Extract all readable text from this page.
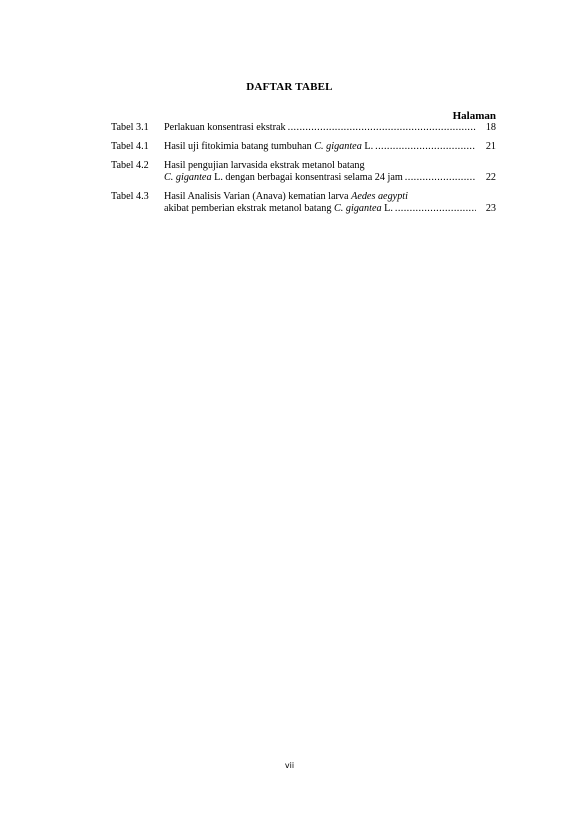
DAFTAR TABEL
Halaman
Tabel 3.1	Perlakuan konsentrasi ekstrak .....	18
Tabel 4.1	Hasil uji fitokimia batang tumbuhan C. gigantea L. .....	21
Tabel 4.2	Hasil pengujian larvasida ekstrak metanol batang
C. gigantea L. dengan berbagai konsentrasi selama 24 jam .....	22
Tabel 4.3	Hasil Analisis Varian (Anava) kematian larva Aedes aegypti
akibat pemberian ekstrak metanol batang C. gigantea L. .....	23
vii
